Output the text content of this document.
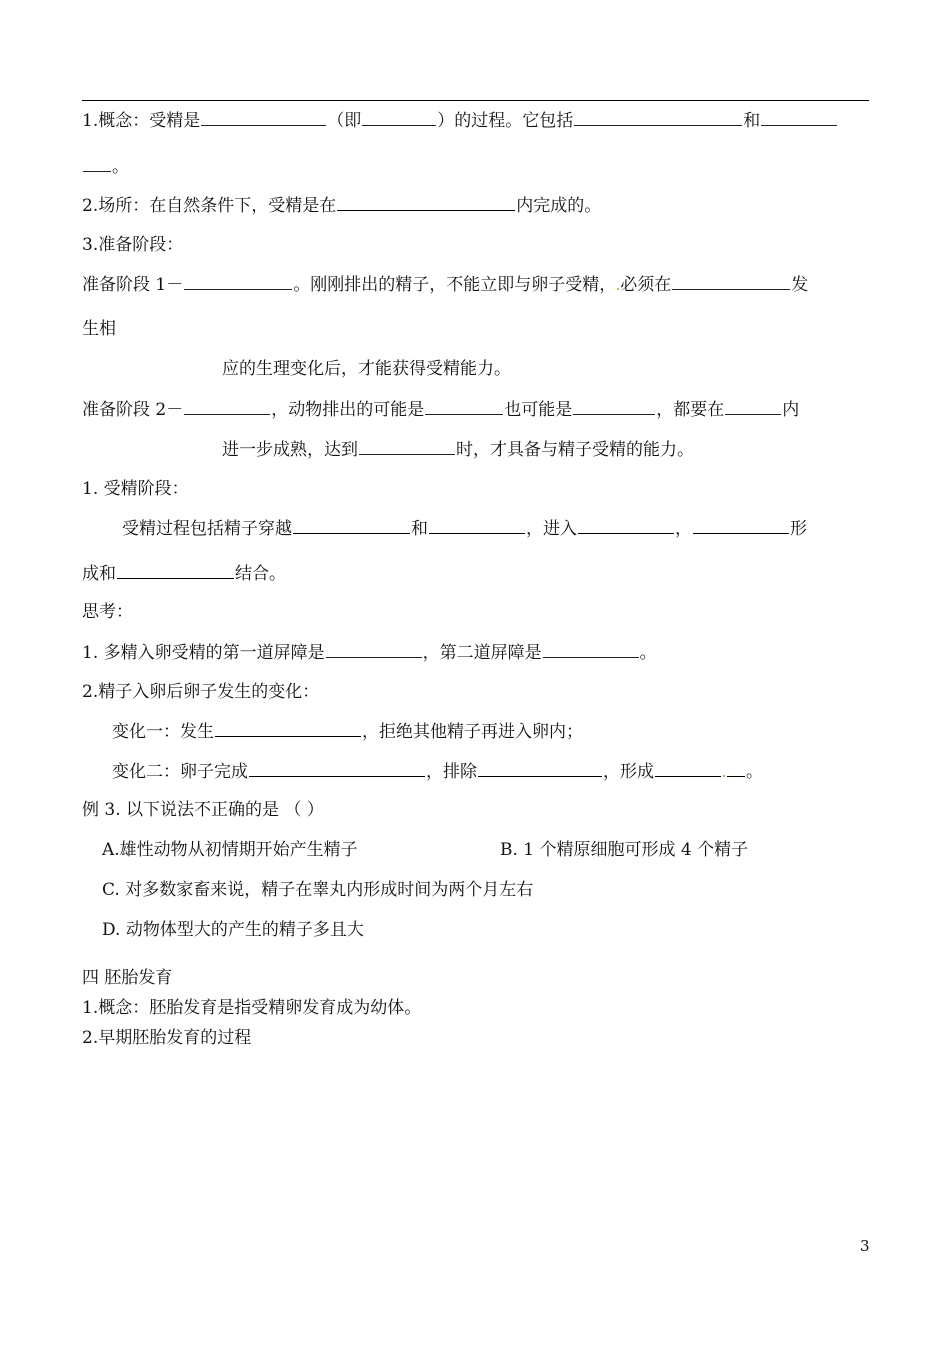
1.概念：受精是	（即	）的过程。它包括	和
。
2.场所：在自然条件下，受精是在	内完成的。
3.准备阶段：
准备阶段 1－	。刚刚排出的精子，不能立即与卵子受精， 必须在	发
生相
应的生理变化后，才能获得受精能力。
准备阶段 2－	，动物排出的可能是	也可能是	，都要在	内
进一步成熟，达到	时，才具备与精子受精的能力。
1. 受精阶段：
受精过程包括精子穿越	和	，进入	，	形
成和	结合。
思考：
1. 多精入卵受精的第一道屏障是	，第二道屏障是	。
2.精子入卵后卵子发生的变化：
变化一：发生	，拒绝其他精子再进入卵内；
变化二：卵子完成	，排除	，形成	。
例 3. 以下说法不正确的是 （ ）
A.雄性动物从初情期开始产生精子	B. 1 个精原细胞可形成 4 个精子
C. 对多数家畜来说，精子在睾丸内形成时间为两个月左右
D. 动物体型大的产生的精子多且大
四 胚胎发育
1.概念：胚胎发育是指受精卵发育成为幼体。
2.早期胚胎发育的过程
3
